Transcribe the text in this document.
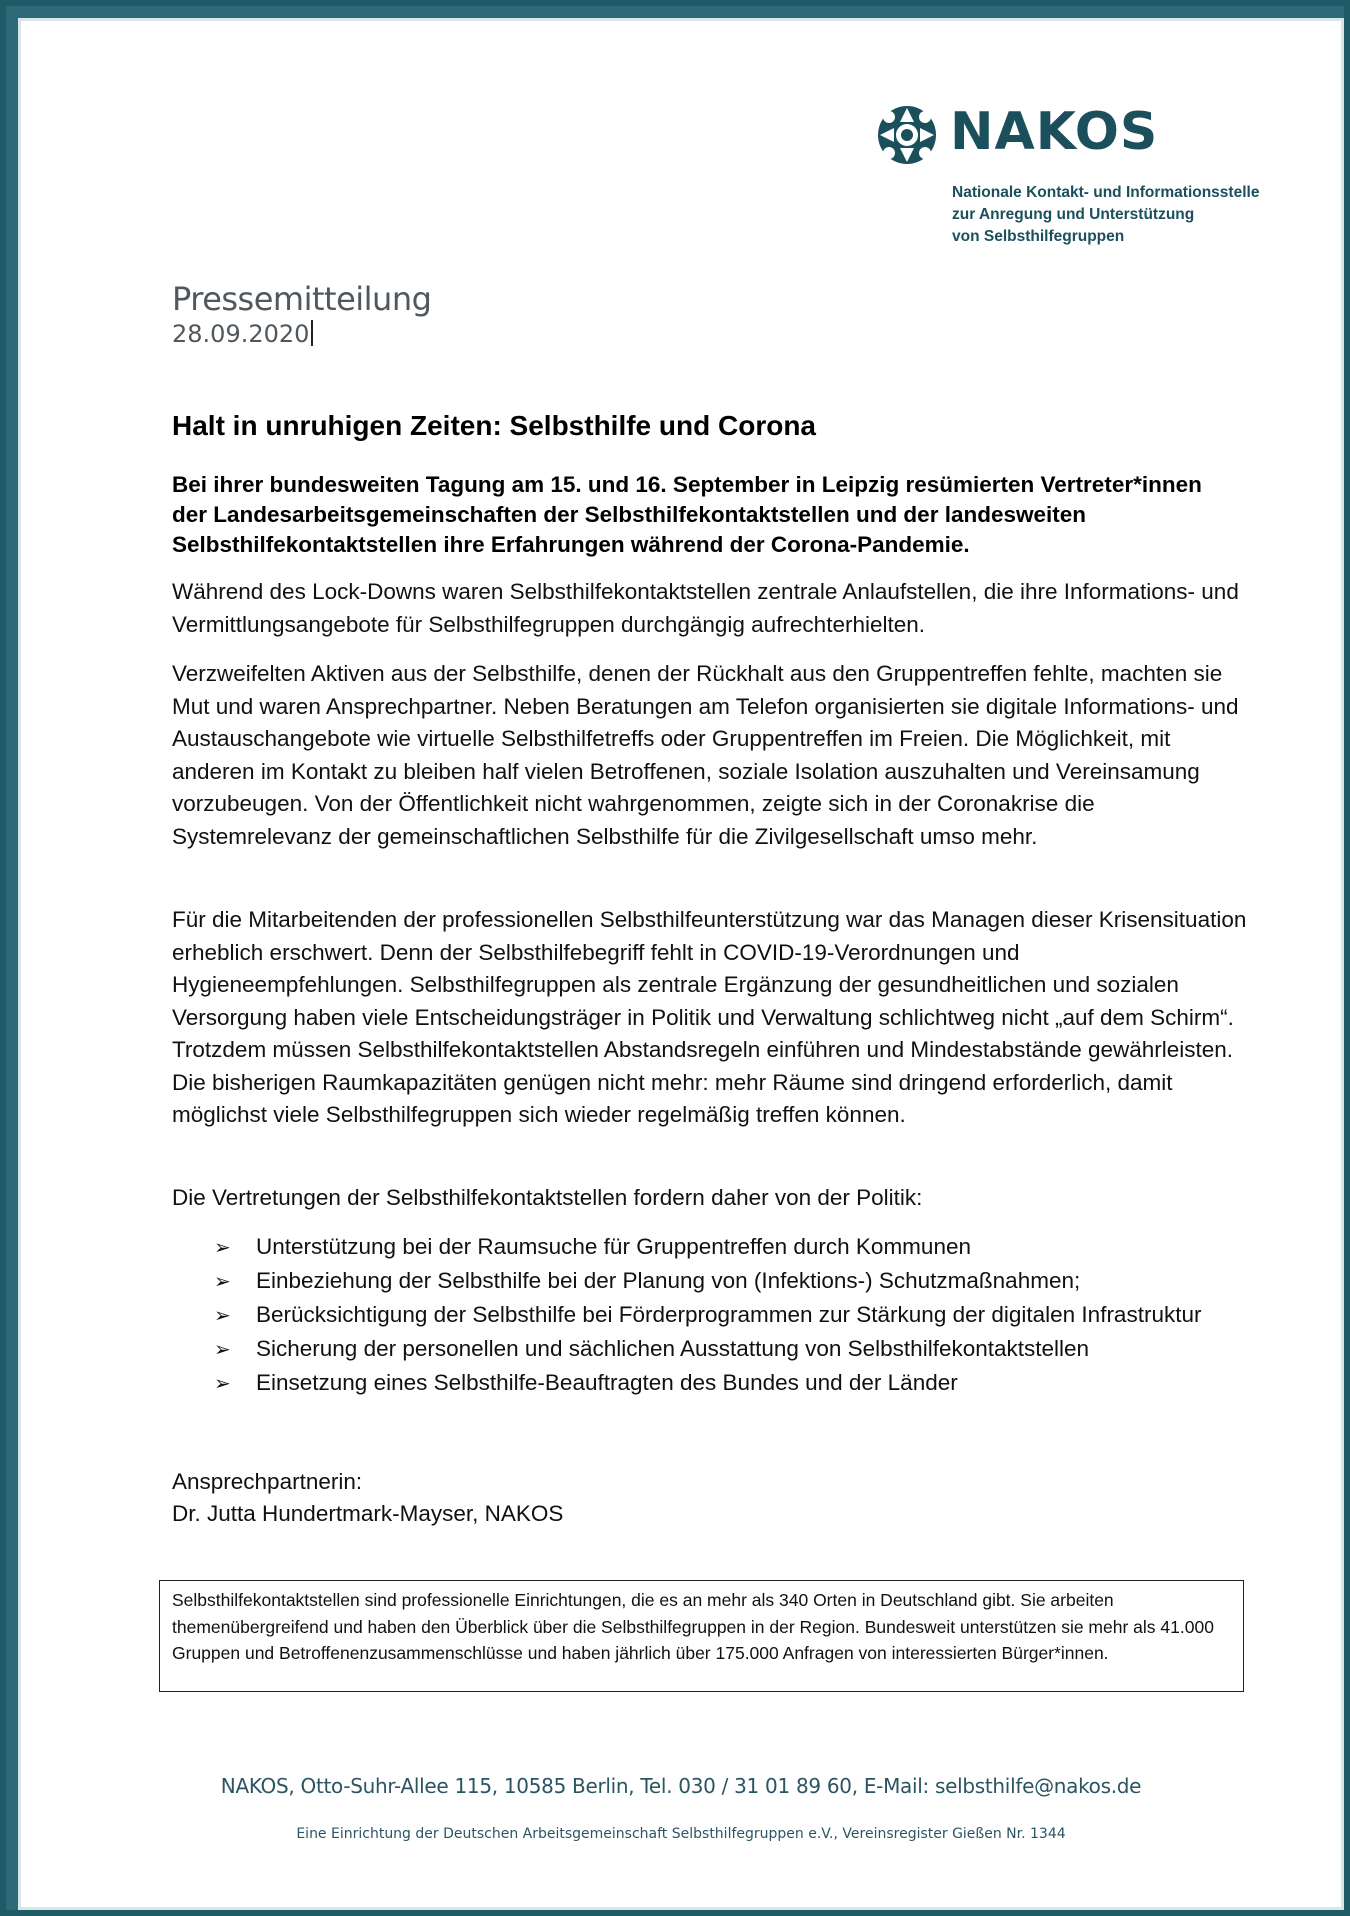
NAKOS
Nationale Kontakt- und Informationsstelle
zur Anregung und Unterstützung
von Selbsthilfegruppen
Pressemitteilung
28.09.2020
Halt in unruhigen Zeiten: Selbsthilfe und Corona

Bei ihrer bundesweiten Tagung am 15. und 16. September in Leipzig resümierten Vertreter*innen der Landesarbeitsgemeinschaften der Selbsthilfekontaktstellen und der landesweiten Selbsthilfekontaktstellen ihre Erfahrungen während der Corona-Pandemie.

Während des Lock-Downs waren Selbsthilfekontaktstellen zentrale Anlaufstellen, die ihre Informations- und Vermittlungsangebote für Selbsthilfegruppen durchgängig aufrechterhielten.

Verzweifelten Aktiven aus der Selbsthilfe, denen der Rückhalt aus den Gruppentreffen fehlte, machten sie Mut und waren Ansprechpartner. Neben Beratungen am Telefon organisierten sie digitale Informations- und Austauschangebote wie virtuelle Selbsthilfetreffs oder Gruppentreffen im Freien. Die Möglichkeit, mit anderen im Kontakt zu bleiben half vielen Betroffenen, soziale Isolation auszuhalten und Vereinsamung vorzubeugen. Von der Öffentlichkeit nicht wahrgenommen, zeigte sich in der Coronakrise die Systemrelevanz der gemeinschaftlichen Selbsthilfe für die Zivilgesellschaft umso mehr.

Für die Mitarbeitenden der professionellen Selbsthilfeunterstützung war das Managen dieser Krisensituation erheblich erschwert. Denn der Selbsthilfebegriff fehlt in COVID-19-Verordnungen und Hygieneempfehlungen. Selbsthilfegruppen als zentrale Ergänzung der gesundheitlichen und sozialen Versorgung haben viele Entscheidungsträger in Politik und Verwaltung schlichtweg nicht „auf dem Schirm“. Trotzdem müssen Selbsthilfekontaktstellen Abstandsregeln einführen und Mindestabstände gewährleisten. Die bisherigen Raumkapazitäten genügen nicht mehr: mehr Räume sind dringend erforderlich, damit möglichst viele Selbsthilfegruppen sich wieder regelmäßig treffen können.

Die Vertretungen der Selbsthilfekontaktstellen fordern daher von der Politik:

➢ Unterstützung bei der Raumsuche für Gruppentreffen durch Kommunen
➢ Einbeziehung der Selbsthilfe bei der Planung von (Infektions-) Schutzmaßnahmen;
➢ Berücksichtigung der Selbsthilfe bei Förderprogrammen zur Stärkung der digitalen Infrastruktur
➢ Sicherung der personellen und sächlichen Ausstattung von Selbsthilfekontaktstellen
➢ Einsetzung eines Selbsthilfe-Beauftragten des Bundes und der Länder
Ansprechpartnerin:
Dr. Jutta Hundertmark-Mayser, NAKOS
Selbsthilfekontaktstellen sind professionelle Einrichtungen, die es an mehr als 340 Orten in Deutschland gibt. Sie arbeiten themenübergreifend und haben den Überblick über die Selbsthilfegruppen in der Region. Bundesweit unterstützen sie mehr als 41.000 Gruppen und Betroffenenzusammenschlüsse und haben jährlich über 175.000 Anfragen von interessierten Bürger*innen.
NAKOS, Otto-Suhr-Allee 115, 10585 Berlin, Tel. 030 / 31 01 89 60, E-Mail: selbsthilfe@nakos.de
Eine Einrichtung der Deutschen Arbeitsgemeinschaft Selbsthilfegruppen e.V., Vereinsregister Gießen Nr. 1344
